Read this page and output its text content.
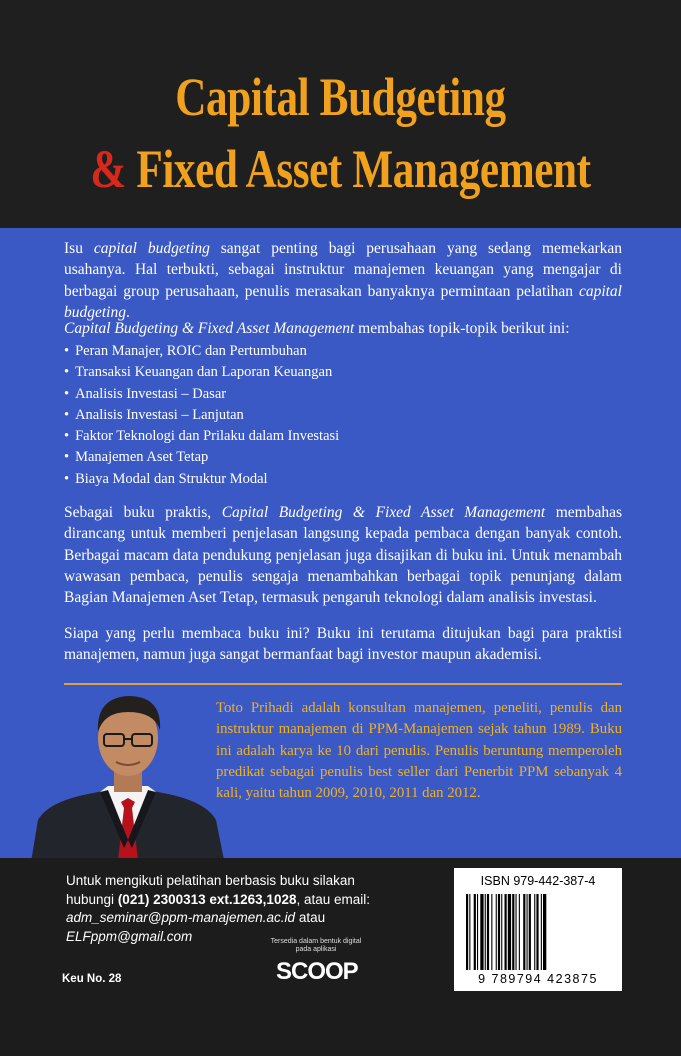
Capital Budgeting
& Fixed Asset Management

Isu capital budgeting sangat penting bagi perusahaan yang sedang memekarkan usahanya. Hal terbukti, sebagai instruktur manajemen keuangan yang mengajar di berbagai group perusahaan, penulis merasakan banyaknya permintaan pelatihan capital budgeting.

Capital Budgeting & Fixed Asset Management membahas topik-topik berikut ini:

• Peran Manajer, ROIC dan Pertumbuhan
• Transaksi Keuangan dan Laporan Keuangan
• Analisis Investasi – Dasar
• Analisis Investasi – Lanjutan
• Faktor Teknologi dan Prilaku dalam Investasi
• Manajemen Aset Tetap
• Biaya Modal dan Struktur Modal

Sebagai buku praktis, Capital Budgeting & Fixed Asset Management membahas dirancang untuk memberi penjelasan langsung kepada pembaca dengan banyak contoh. Berbagai macam data pendukung penjelasan juga disajikan di buku ini. Untuk menambah wawasan pembaca, penulis sengaja menambahkan berbagai topik penunjang dalam Bagian Manajemen Aset Tetap, termasuk pengaruh teknologi dalam analisis investasi.

Siapa yang perlu membaca buku ini? Buku ini terutama ditujukan bagi para praktisi manajemen, namun juga sangat bermanfaat bagi investor maupun akademisi.

Toto Prihadi adalah konsultan manajemen, peneliti, penulis dan instruktur manajemen di PPM-Manajemen sejak tahun 1989. Buku ini adalah karya ke 10 dari penulis. Penulis beruntung memperoleh predikat sebagai penulis best seller dari Penerbit PPM sebanyak 4 kali, yaitu tahun 2009, 2010, 2011 dan 2012.

Untuk mengikuti pelatihan berbasis buku silakan
hubungi (021) 2300313 ext.1263,1028, atau email:
adm_seminar@ppm-manajemen.ac.id atau
ELFppm@gmail.com

Keu No. 28
Tersedia dalam bentuk digital pada aplikasi
SCOOP
ISBN 979-442-387-4
9 789794 423875
